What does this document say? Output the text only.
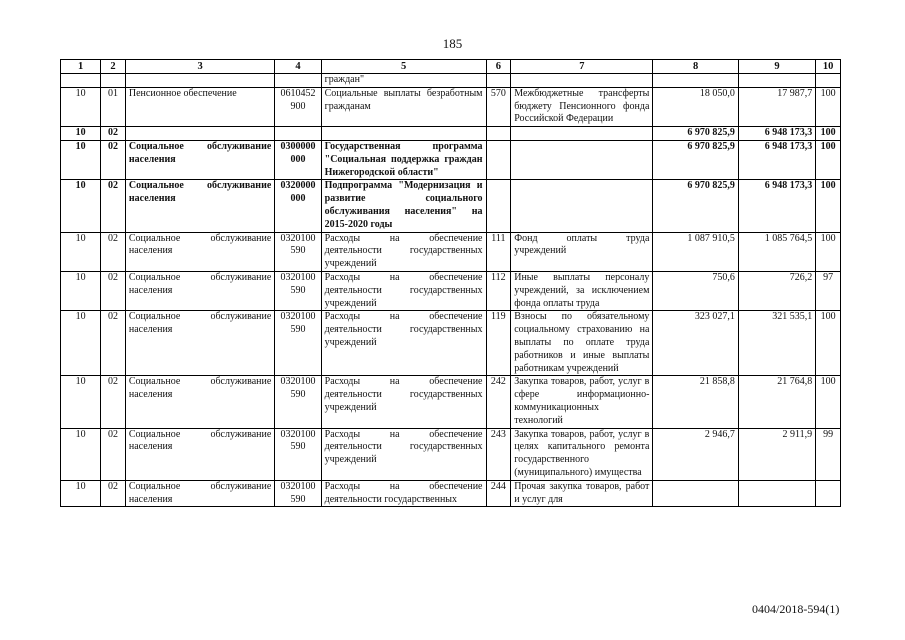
185
1	2	3	4	5	6	7	8	9	10
				граждан"					
10	01	Пенсионное обеспечение	0610452 900	Социальные выплаты безработным гражданам	570	Межбюджетные трансферты бюджету Пенсионного фонда Российской Федерации	18 050,0	17 987,7	100
10	02						6 970 825,9	6 948 173,3	100
10	02	Социальное обслуживание населения	0300000 000	Государственная программа "Социальная поддержка граждан Нижегородской области"			6 970 825,9	6 948 173,3	100
10	02	Социальное обслуживание населения	0320000 000	Подпрограмма "Модернизация и развитие социального обслуживания населения" на 2015-2020 годы			6 970 825,9	6 948 173,3	100
10	02	Социальное обслуживание населения	0320100 590	Расходы на обеспечение деятельности государственных учреждений	111	Фонд оплаты труда учреждений	1 087 910,5	1 085 764,5	100
10	02	Социальное обслуживание населения	0320100 590	Расходы на обеспечение деятельности государственных учреждений	112	Иные выплаты персоналу учреждений, за исключением фонда оплаты труда	750,6	726,2	97
10	02	Социальное обслуживание населения	0320100 590	Расходы на обеспечение деятельности государственных учреждений	119	Взносы по обязательному социальному страхованию на выплаты по оплате труда работников и иные выплаты работникам учреждений	323 027,1	321 535,1	100
10	02	Социальное обслуживание населения	0320100 590	Расходы на обеспечение деятельности государственных учреждений	242	Закупка товаров, работ, услуг в сфере информационно-коммуникационных технологий	21 858,8	21 764,8	100
10	02	Социальное обслуживание населения	0320100 590	Расходы на обеспечение деятельности государственных учреждений	243	Закупка товаров, работ, услуг в целях капитального ремонта государственного (муниципального) имущества	2 946,7	2 911,9	99
10	02	Социальное обслуживание населения	0320100 590	Расходы на обеспечение деятельности государственных	244	Прочая закупка товаров, работ и услуг для			
0404/2018-594(1)
